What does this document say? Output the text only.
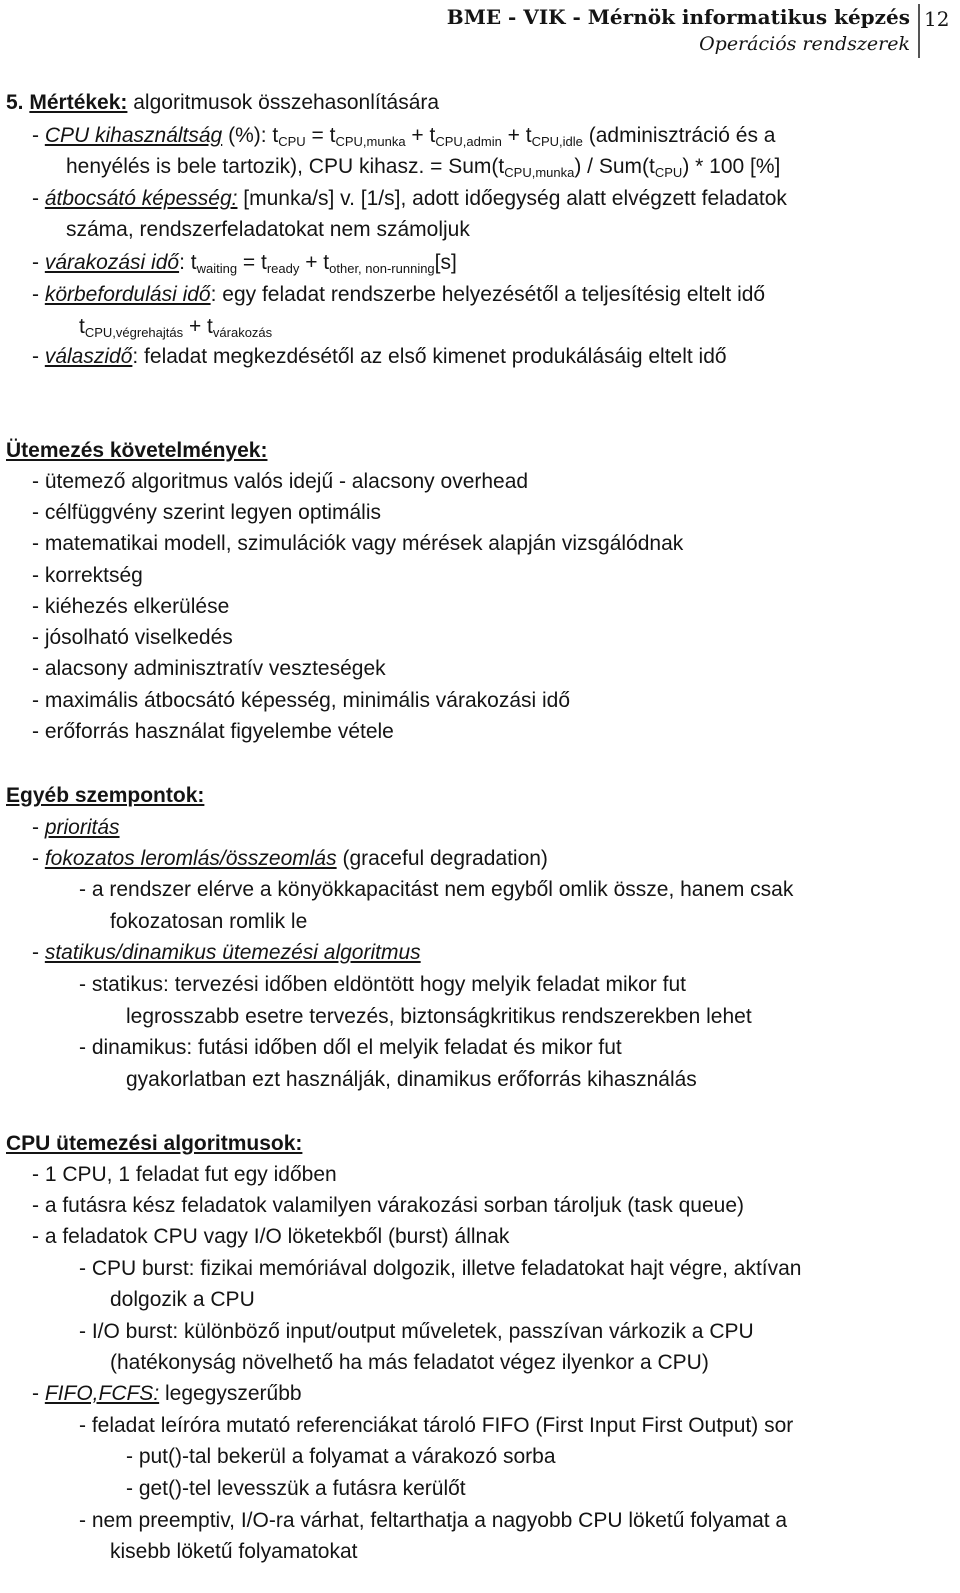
BME - VIK - Mérnök informatikus képzés
Operációs rendszerek
12
5. Mértékek: algoritmusok összehasonlítására
- CPU kihasználtság (%): $t_{CPU} = t_{CPU,munka} + t_{CPU,admin} + t_{CPU,idle}$ (adminisztráció és a
henyélés is bele tartozik), CPU kihasz. = $Sum(t_{CPU,munka}) / Sum(t_{CPU}) * 100$ [%]
- átbocsátó képesség: [munka/s] v. [1/s], adott időegység alatt elvégzett feladatok
száma, rendszerfeladatokat nem számoljuk
- várakozási idő: $t_{waiting} = t_{ready} + t_{other, non-running}[s]$
- körbefordulási idő: egy feladat rendszerbe helyezésétől a teljesítésig eltelt idő
$t_{CPU,végrehajtás} + t_{várakozás}$
- válaszidő: feladat megkezdésétől az első kimenet produkálásáig eltelt idő
Ütemezés követelmények:
- ütemező algoritmus valós idejű - alacsony overhead
- célfüggvény szerint legyen optimális
- matematikai modell, szimulációk vagy mérések alapján vizsgálódnak
- korrektség
- kiéhezés elkerülése
- jósolható viselkedés
- alacsony adminisztratív veszteségek
- maximális átbocsátó képesség, minimális várakozási idő
- erőforrás használat figyelembe vétele
Egyéb szempontok:
- prioritás
- fokozatos leromlás/összeomlás (graceful degradation)
- a rendszer elérve a könyökkapacitást nem egyből omlik össze, hanem csak
fokozatosan romlik le
- statikus/dinamikus ütemezési algoritmus
- statikus: tervezési időben eldöntött hogy melyik feladat mikor fut
legrosszabb esetre tervezés, biztonságkritikus rendszerekben lehet
- dinamikus: futási időben dől el melyik feladat és mikor fut
gyakorlatban ezt használják, dinamikus erőforrás kihasználás
CPU ütemezési algoritmusok:
- 1 CPU, 1 feladat fut egy időben
- a futásra kész feladatok valamilyen várakozási sorban tároljuk (task queue)
- a feladatok CPU vagy I/O löketekből (burst) állnak
- CPU burst: fizikai memóriával dolgozik, illetve feladatokat hajt végre, aktívan
dolgozik a CPU
- I/O burst: különböző input/output műveletek, passzívan várkozik a CPU
(hatékonyság növelhető ha más feladatot végez ilyenkor a CPU)
- FIFO,FCFS: legegyszerűbb
- feladat leíróra mutató referenciákat tároló FIFO (First Input First Output) sor
- put()-tal bekerül a folyamat a várakozó sorba
- get()-tel levesszük a futásra kerülőt
- nem preemptiv, I/O-ra várhat, feltarthatja a nagyobb CPU löketű folyamat a
kisebb löketű folyamatokat
